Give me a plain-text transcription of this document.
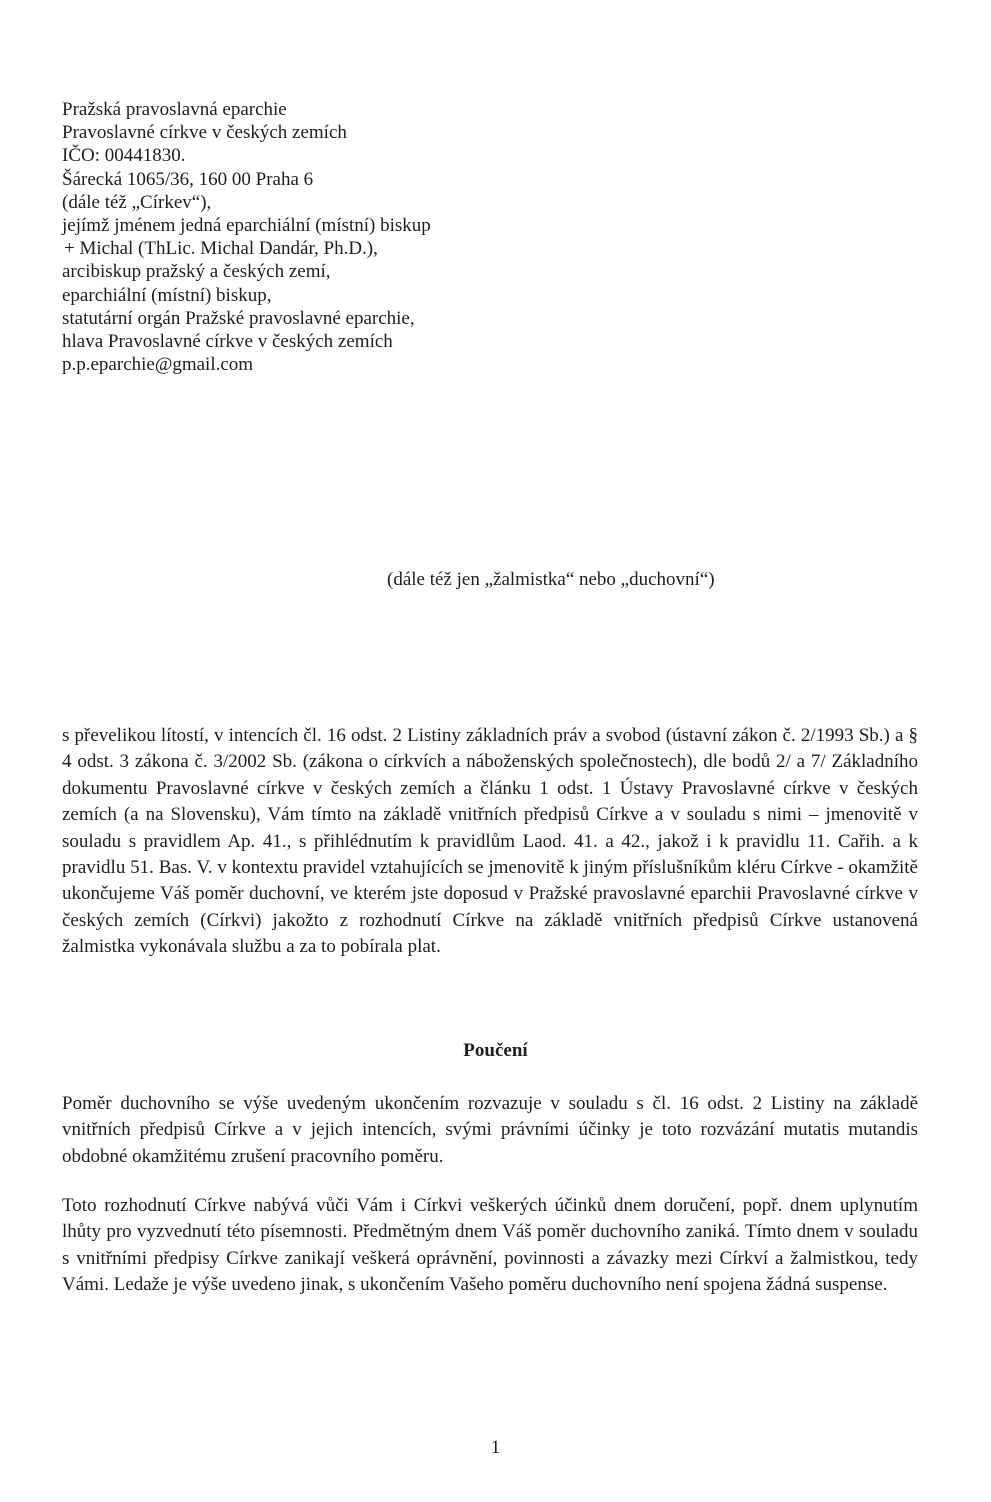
Pražská pravoslavná eparchie
Pravoslavné církve v českých zemích
IČO: 00441830.
Šárecká 1065/36, 160 00 Praha 6
(dále též „Církev“),
jejímž jménem jedná eparchiální (místní) biskup
+ Michal (ThLic. Michal Dandár, Ph.D.),
arcibiskup pražský a českých zemí,
eparchiální (místní) biskup,
statutární orgán Pražské pravoslavné eparchie,
hlava Pravoslavné církve v českých zemích
p.p.eparchie@gmail.com
(dále též jen „žalmistka“ nebo „duchovní“)

s převelikou lítostí, v intencích čl. 16 odst. 2 Listiny základních práv a svobod (ústavní zákon č. 2/1993 Sb.) a § 4 odst. 3 zákona č. 3/2002 Sb. (zákona o církvích a náboženských společnostech), dle bodů 2/ a 7/ Základního dokumentu Pravoslavné církve v českých zemích a článku 1 odst. 1 Ústavy Pravoslavné církve v českých zemích (a na Slovensku), Vám tímto na základě vnitřních předpisů Církve a v souladu s nimi – jmenovitě v souladu s pravidlem Ap. 41., s přihlédnutím k pravidlům Laod. 41. a 42., jakož i k pravidlu 11. Cařih. a k pravidlu 51. Bas. V. v kontextu pravidel vztahujících se jmenovitě k jiným příslušníkům kléru Církve - okamžitě ukončujeme Váš poměr duchovní, ve kterém jste doposud v Pražské pravoslavné eparchii Pravoslavné církve v českých zemích (Církvi) jakožto z rozhodnutí Církve na základě vnitřních předpisů Církve ustanovená žalmistka vykonávala službu a za to pobírala plat.

Poučení

Poměr duchovního se výše uvedeným ukončením rozvazuje v souladu s čl. 16 odst. 2 Listiny na základě vnitřních předpisů Církve a v jejich intencích, svými právními účinky je toto rozvázání mutatis mutandis obdobné okamžitému zrušení pracovního poměru.

Toto rozhodnutí Církve nabývá vůči Vám i Církvi veškerých účinků dnem doručení, popř. dnem uplynutím lhůty pro vyzvednutí této písemnosti. Předmětným dnem Váš poměr duchovního zaniká. Tímto dnem v souladu s vnitřními předpisy Církve zanikají veškerá oprávnění, povinnosti a závazky mezi Církví a žalmistkou, tedy Vámi. Ledaže je výše uvedeno jinak, s ukončením Vašeho poměru duchovního není spojena žádná suspense.

1
